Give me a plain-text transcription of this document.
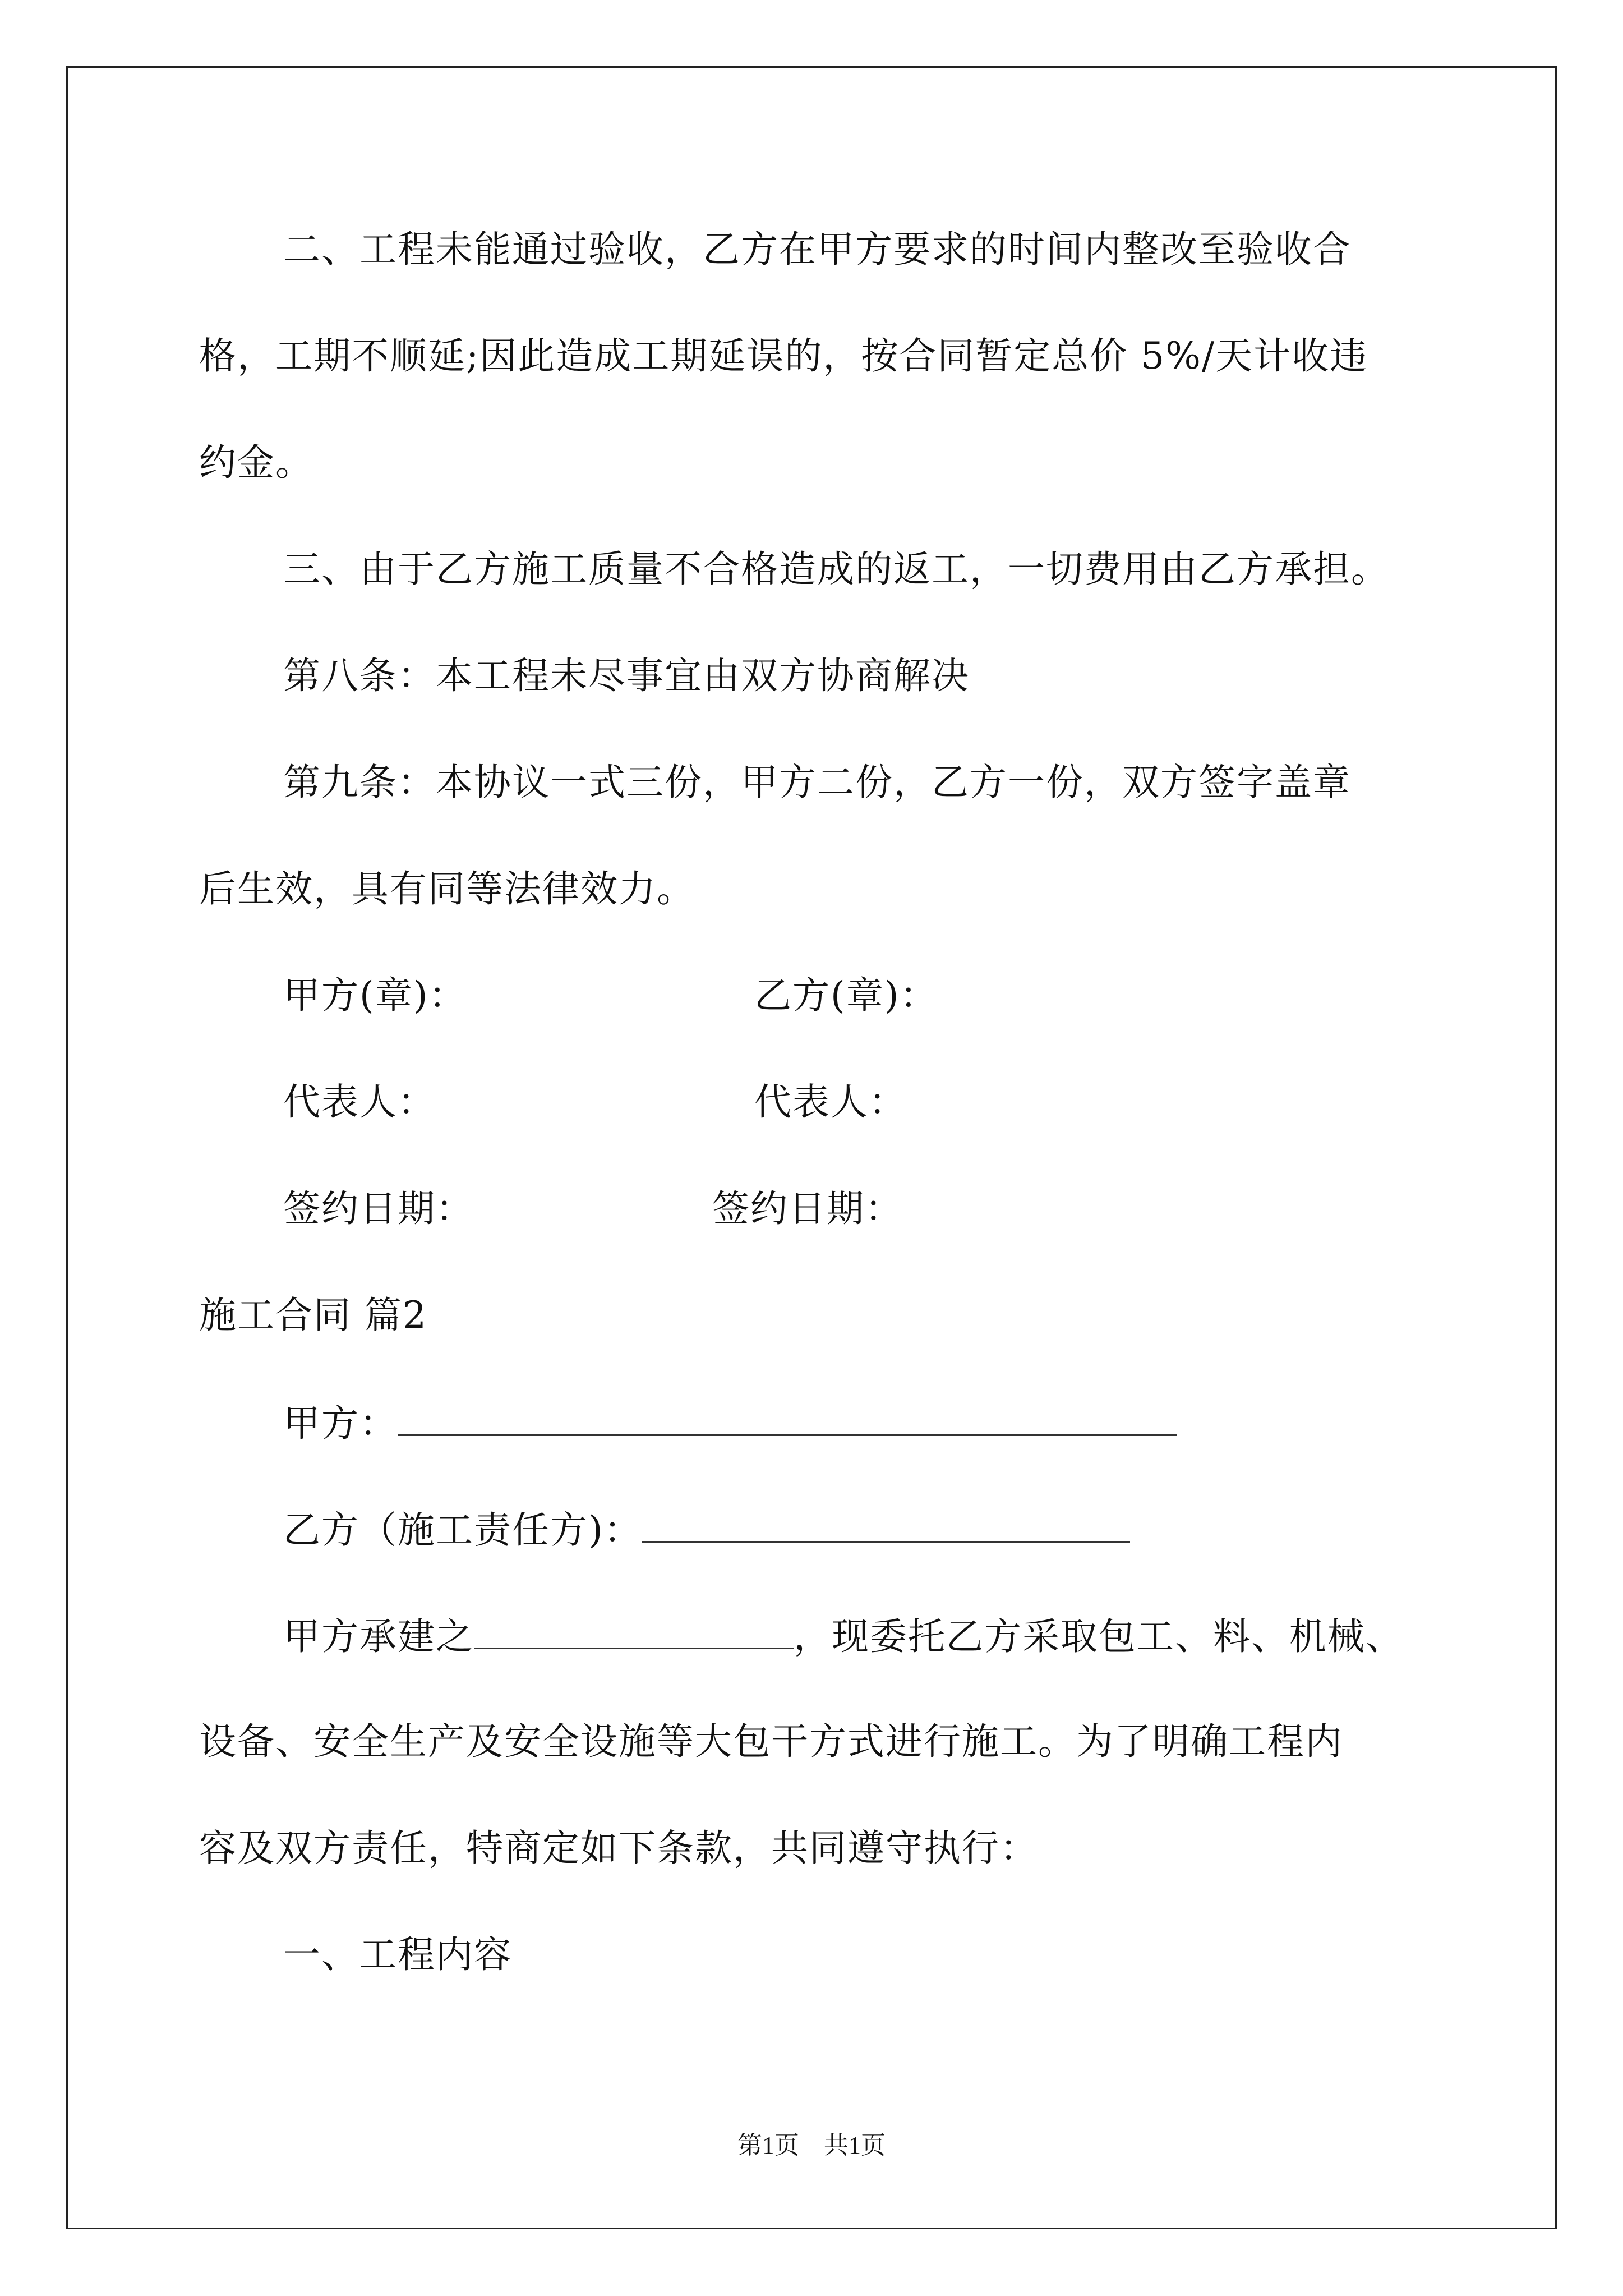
二、工程未能通过验收，乙方在甲方要求的时间内整改至验收合
格，工期不顺延;因此造成工期延误的，按合同暂定总价 5%/天计收违
约金。
三、由于乙方施工质量不合格造成的返工，一切费用由乙方承担。
第八条：本工程未尽事宜由双方协商解决
第九条：本协议一式三份，甲方二份，乙方一份，双方签字盖章
后生效，具有同等法律效力。
甲方(章)：	乙方(章)：
代表人：	代表人：
签约日期：	签约日期：
施工合同 篇2
甲方：
乙方（施工责任方)：
甲方承建之	，现委托乙方采取包工、料、机械、
设备、安全生产及安全设施等大包干方式进行施工。为了明确工程内
容及双方责任，特商定如下条款，共同遵守执行：
一、工程内容
第1页　共1页
